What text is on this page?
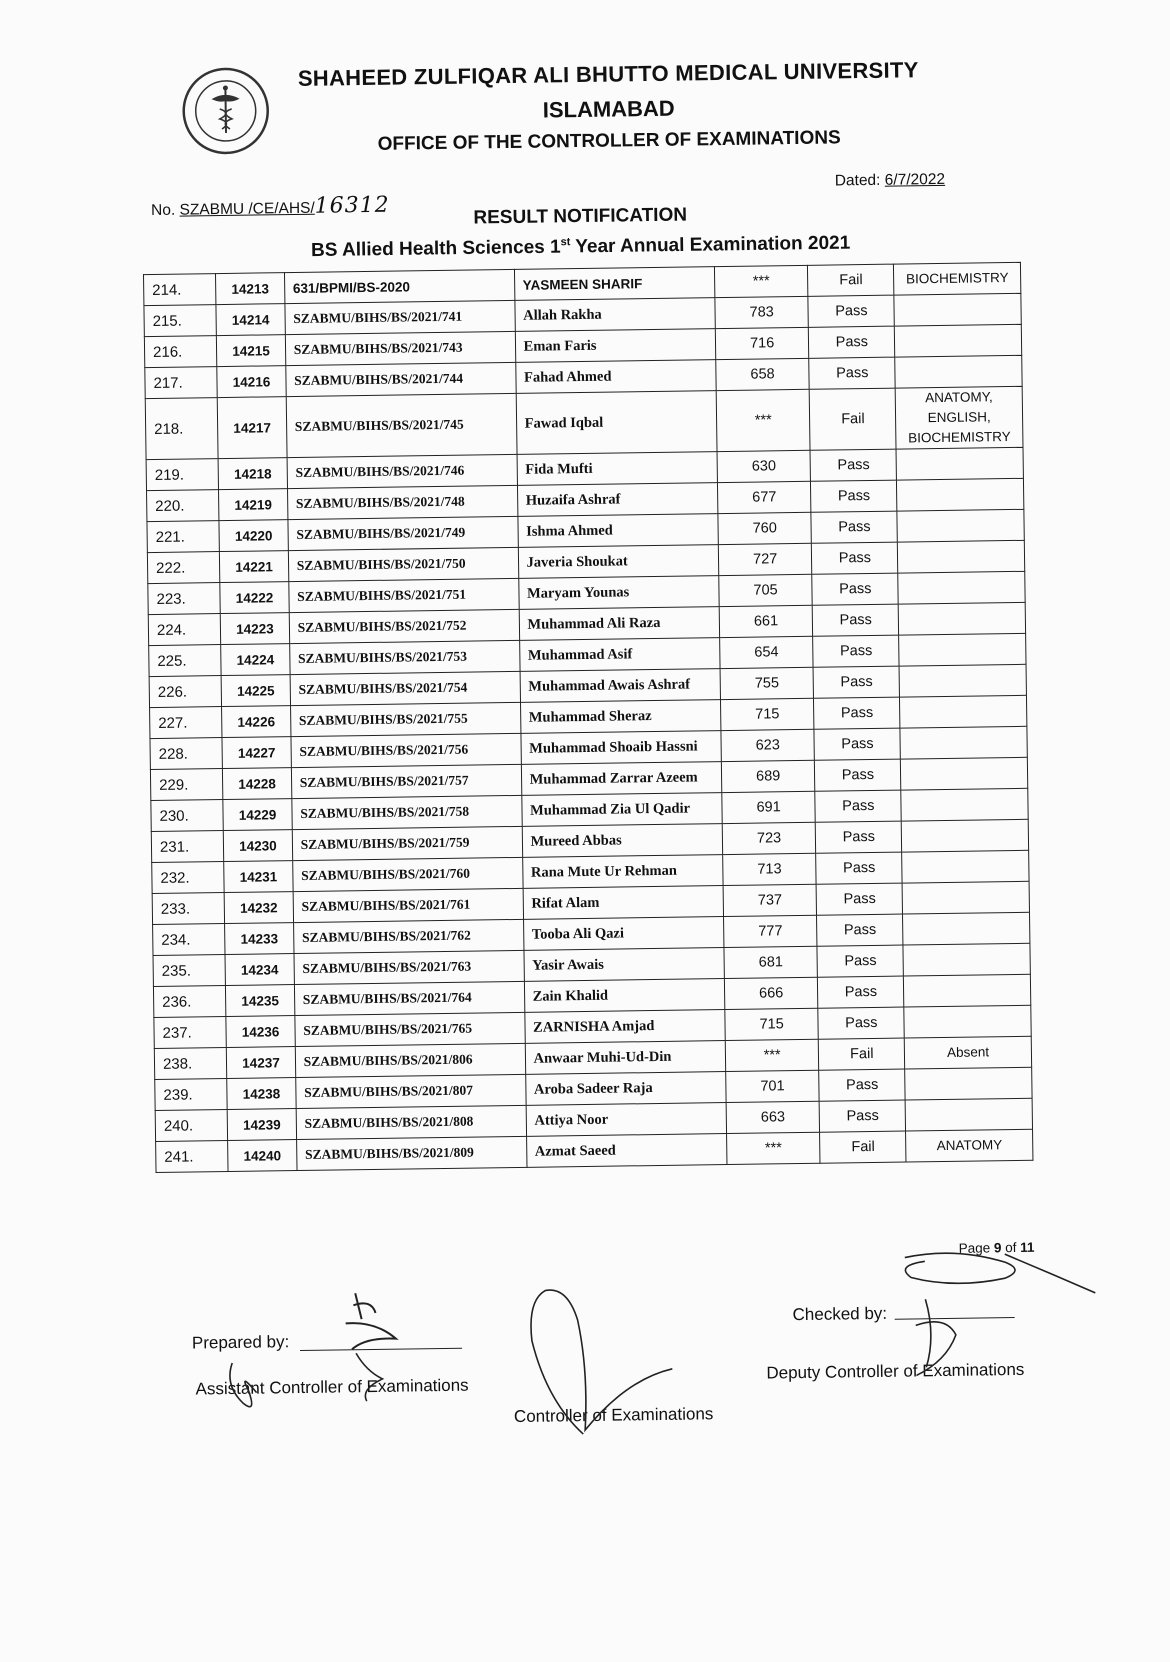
SHAHEED ZULFIQAR ALI BHUTTO MEDICAL UNIVERSITY
ISLAMABAD
OFFICE OF THE CONTROLLER OF EXAMINATIONS
No. SZABMU /CE/AHS/16312
Dated: 6/7/2022
RESULT NOTIFICATION
BS Allied Health Sciences 1st Year Annual Examination 2021
214.	14213	631/BPMI/BS-2020	YASMEEN SHARIF	***	Fail	BIOCHEMISTRY
215.	14214	SZABMU/BIHS/BS/2021/741	Allah Rakha	783	Pass	
216.	14215	SZABMU/BIHS/BS/2021/743	Eman Faris	716	Pass	
217.	14216	SZABMU/BIHS/BS/2021/744	Fahad Ahmed	658	Pass	
218.	14217	SZABMU/BIHS/BS/2021/745	Fawad Iqbal	***	Fail	ANATOMY,
ENGLISH,
BIOCHEMISTRY
219.	14218	SZABMU/BIHS/BS/2021/746	Fida Mufti	630	Pass	
220.	14219	SZABMU/BIHS/BS/2021/748	Huzaifa Ashraf	677	Pass	
221.	14220	SZABMU/BIHS/BS/2021/749	Ishma Ahmed	760	Pass	
222.	14221	SZABMU/BIHS/BS/2021/750	Javeria Shoukat	727	Pass	
223.	14222	SZABMU/BIHS/BS/2021/751	Maryam Younas	705	Pass	
224.	14223	SZABMU/BIHS/BS/2021/752	Muhammad Ali Raza	661	Pass	
225.	14224	SZABMU/BIHS/BS/2021/753	Muhammad Asif	654	Pass	
226.	14225	SZABMU/BIHS/BS/2021/754	Muhammad Awais Ashraf	755	Pass	
227.	14226	SZABMU/BIHS/BS/2021/755	Muhammad Sheraz	715	Pass	
228.	14227	SZABMU/BIHS/BS/2021/756	Muhammad Shoaib Hassni	623	Pass	
229.	14228	SZABMU/BIHS/BS/2021/757	Muhammad Zarrar Azeem	689	Pass	
230.	14229	SZABMU/BIHS/BS/2021/758	Muhammad Zia Ul Qadir	691	Pass	
231.	14230	SZABMU/BIHS/BS/2021/759	Mureed Abbas	723	Pass	
232.	14231	SZABMU/BIHS/BS/2021/760	Rana Mute Ur Rehman	713	Pass	
233.	14232	SZABMU/BIHS/BS/2021/761	Rifat Alam	737	Pass	
234.	14233	SZABMU/BIHS/BS/2021/762	Tooba Ali Qazi	777	Pass	
235.	14234	SZABMU/BIHS/BS/2021/763	Yasir Awais	681	Pass	
236.	14235	SZABMU/BIHS/BS/2021/764	Zain Khalid	666	Pass	
237.	14236	SZABMU/BIHS/BS/2021/765	ZARNISHA Amjad	715	Pass	
238.	14237	SZABMU/BIHS/BS/2021/806	Anwaar Muhi-Ud-Din	***	Fail	Absent
239.	14238	SZABMU/BIHS/BS/2021/807	Aroba Sadeer Raja	701	Pass	
240.	14239	SZABMU/BIHS/BS/2021/808	Attiya Noor	663	Pass	
241.	14240	SZABMU/BIHS/BS/2021/809	Azmat Saeed	***	Fail	ANATOMY
Page 9 of 11
Prepared by:
Assistant Controller of Examinations
Controller of Examinations
Checked by:
Deputy Controller of Examinations
